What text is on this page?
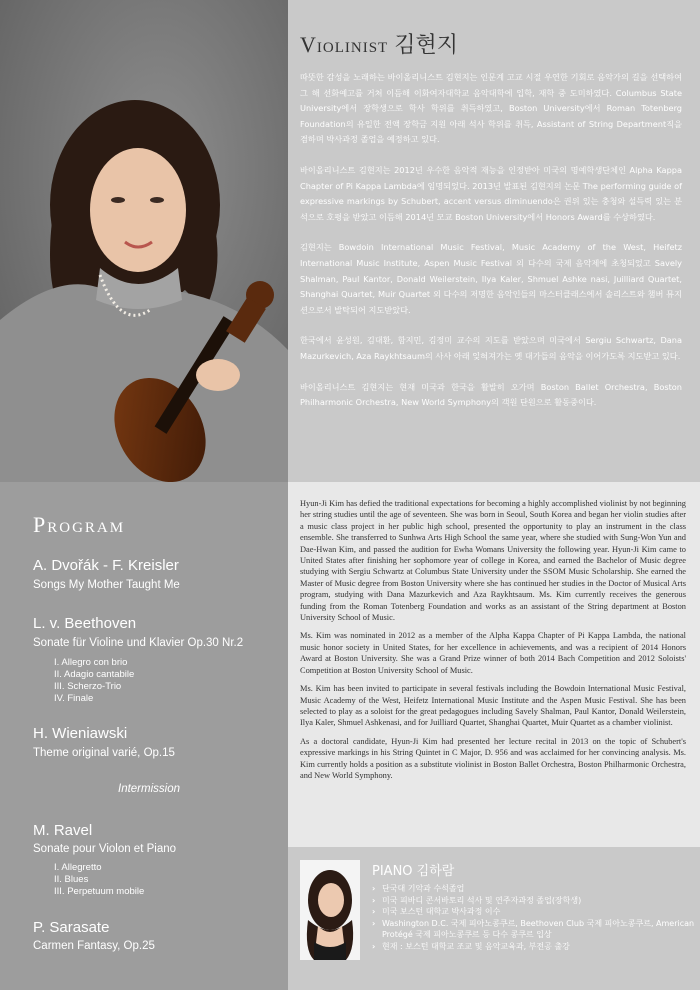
Program
A. Dvořák - F. Kreisler
Songs My Mother Taught Me
L. v. Beethoven
Sonate für Violine und Klavier Op.30 Nr.2
I. Allegro con brio
II. Adagio cantabile
III. Scherzo-Trio
IV. Finale
H. Wieniawski
Theme original varié, Op.15
Intermission
M. Ravel
Sonate pour Violon et Piano
I. Allegretto
II. Blues
III. Perpetuum mobile
P. Sarasate
Carmen Fantasy, Op.25
Violinist 김현지

따뜻한 감성을 노래하는 바이올리니스트 김현지는 인문계 고교 시절 우연한 기회로 음악가의 길을 선택하여 그 해 선화예고를 거쳐 이듬해 이화여자대학교 음악대학에 입학, 재학 중 도미하였다. Columbus State University에서 장학생으로 학사 학위를 취득하였고, Boston University에서 Roman Totenberg Foundation의 유일한 전액 장학금 지원 아래 석사 학위를 취득, Assistant of String Department직을 겸하며 박사과정 졸업을 예정하고 있다.

바이올리니스트 김현지는 2012년 우수한 음악적 재능을 인정받아 미국의 명예학생단체인 Alpha Kappa Chapter of Pi Kappa Lambda에 임명되었다. 2013년 발표된 김현지의 논문 The performing guide of expressive markings by Schubert, accent versus diminuendo은 권위 있는 충청와 설득력 있는 분석으로 호평을 받았고 이듬해 2014년 모교 Boston University에서 Honors Award를 수상하였다.

김현지는 Bowdoin International Music Festival, Music Academy of the West, Heifetz International Music Institute, Aspen Music Festival 외 다수의 국제 음악제에 초청되었고 Savely Shalman, Paul Kantor, Donald Weilerstein, Ilya Kaler, Shmuel Ashke nasi, Juilliard Quartet, Shanghai Quartet, Muir Quartet 외 다수의 저명한 음악인들의 마스터클래스에서 솔리스트와 챔버 뮤지션으로서 발탁되어 지도받았다.

한국에서 윤성원, 김대환, 함지민, 김정미 교수의 지도를 받았으며 미국에서 Sergiu Schwartz, Dana Mazurkevich, Aza Raykhtsaum의 사사 아래 잊혀져가는 옛 대가들의 음악을 이어가도록 지도받고 있다.

바이올리니스트 김현지는 현재 미국과 한국을 활발히 오가며 Boston Ballet Orchestra, Boston Philharmonic Orchestra, New World Symphony의 객원 단원으로 활동중이다.

Hyun-Ji Kim has defied the traditional expectations for becoming a highly accomplished violinist by not beginning her string studies until the age of seventeen. She was born in Seoul, South Korea and began her violin studies after a music class project in her public high school, presented the opportunity to play an instrument in the class ensemble. She transferred to Sunhwa Arts High School the same year, where she studied with Sung-Won Yun and Dae-Hwan Kim, and passed the audition for Ewha Womans University the following year. Hyun-Ji Kim came to United States after finishing her sophomore year of college in Korea, and earned the Bachelor of Music degree studying with Sergiu Schwartz at Columbus State University under the SSOM Music Scholarship. She earned the Master of Music degree from Boston University where she has continued her studies in the Doctor of Musical Arts program, studying with Dana Mazurkevich and Aza Raykhtsaum. Ms. Kim currently receives the generous funding from the Roman Totenberg Foundation and works as an assistant of the String department at Boston University School of Music.

Ms. Kim was nominated in 2012 as a member of the Alpha Kappa Chapter of Pi Kappa Lambda, the national music honor society in United States, for her excellence in achievements, and was a recipient of 2014 Honors Award at Boston University. She was a Grand Prize winner of both 2014 Bach Competition and 2012 Soloists' Competition at Boston University School of Music.

Ms. Kim has been invited to participate in several festivals including the Bowdoin International Music Festival, Music Academy of the West, Heifetz International Music Institute and the Aspen Music Festival. She has been selected to play as a soloist for the great pedagogues including Savely Shalman, Paul Kantor, Donald Weilerstein, Ilya Kaler, Shmuel Ashkenasi, and for Juilliard Quartet, Shanghai Quartet, Muir Quartet as a chamber violinist.

As a doctoral candidate, Hyun-Ji Kim had presented her lecture recital in 2013 on the topic of Schubert's expressive markings in his String Quintet in C Major, D. 956 and was acclaimed for her convincing analysis. Ms. Kim currently holds a position as a substitute violinist in Boston Ballet Orchestra, Boston Philharmonic Orchestra, and New World Symphony.

PIANO 김하람
› 단국대 기악과 수석졸업
› 미국 피바디 콘서바토리 석사 및 연주자과정 졸업(장학생)
› 미국 보스턴 대학교 박사과정 이수
› Washington D.C. 국제 피아노콩쿠르, Beethoven Club 국제 피아노콩쿠르, American Protégé 국제 피아노콩쿠르 등 다수 콩쿠르 입상
› 현재 : 보스턴 대학교 조교 및 음악교육과, 부전공 출강
